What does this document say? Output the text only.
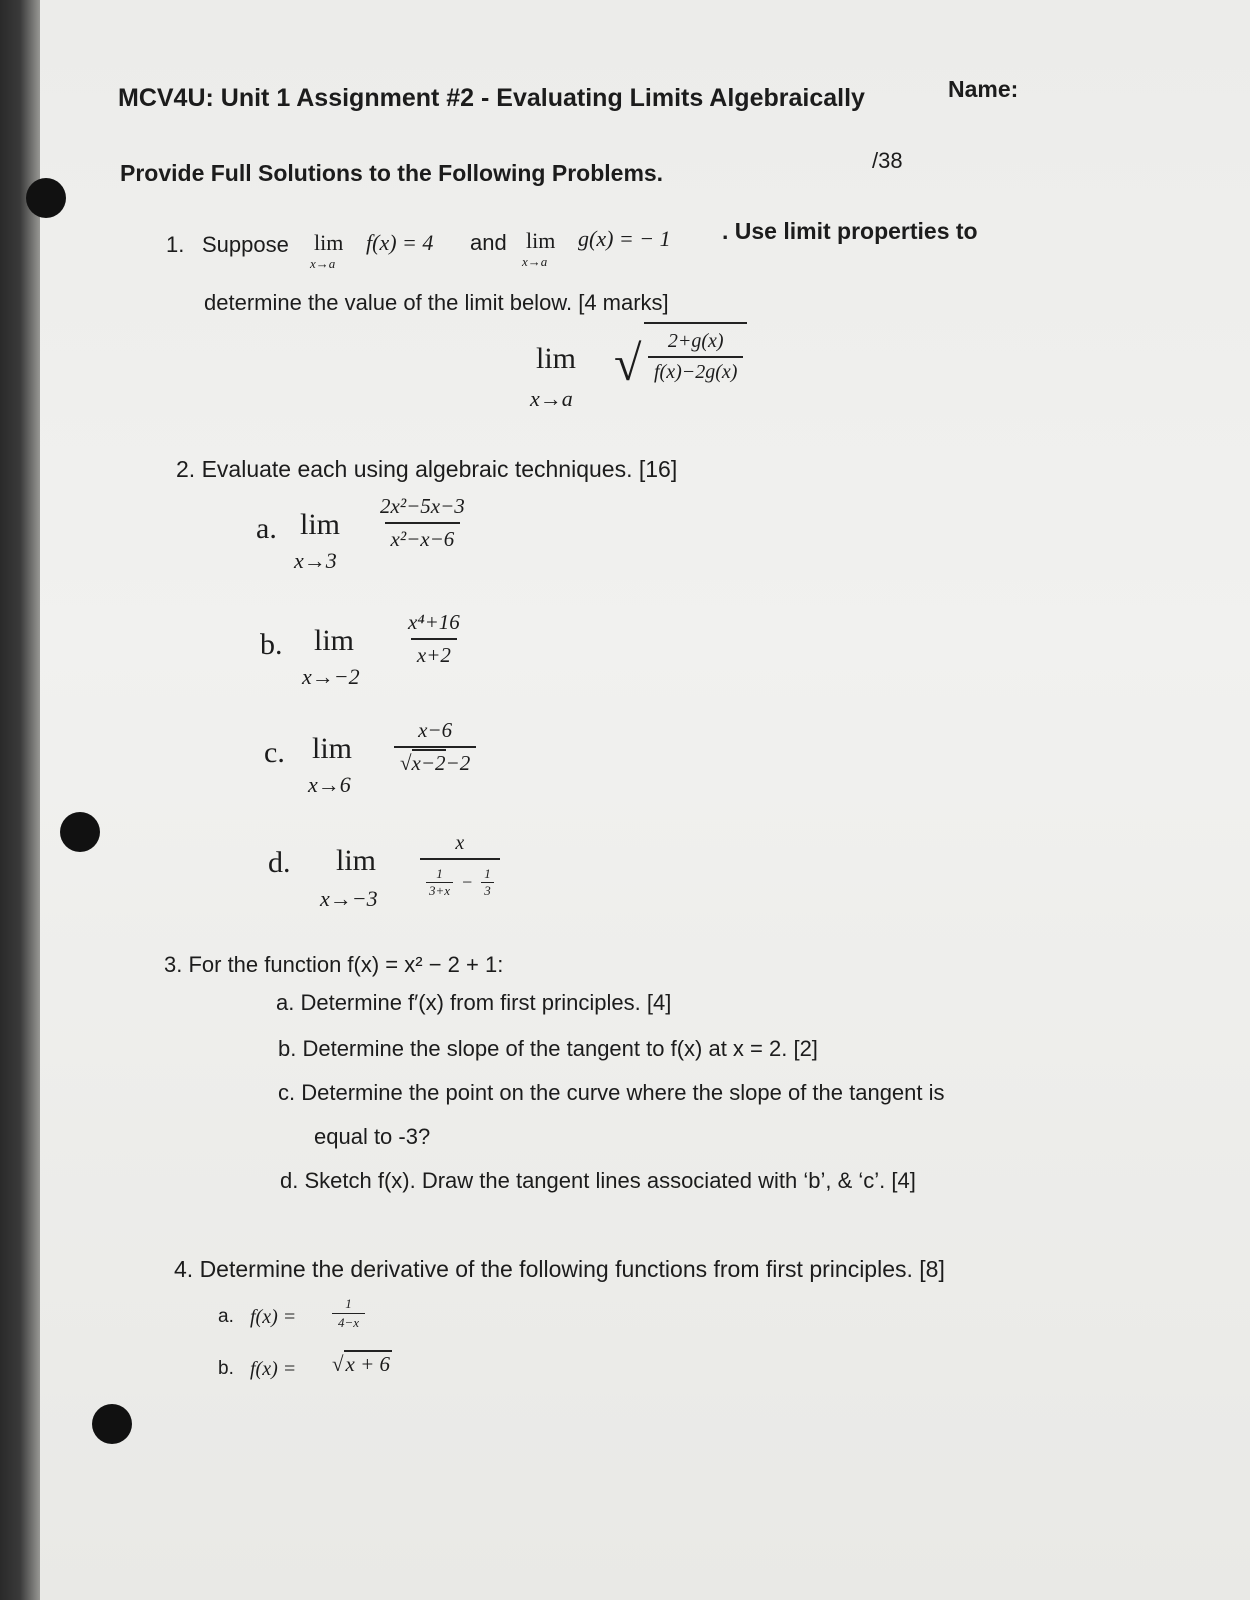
MCV4U: Unit 1 Assignment #2 - Evaluating Limits Algebraically	Name:
Provide Full Solutions to the Following Problems.	/38
1. Suppose lim
x→a
f(x) = 4 and lim
x→a
g(x) = − 1 . Use limit properties to
determine the value of the limit below. [4 marks]
lim
x→a
√ $\frac{2+g(x)}{f(x)-2g(x)}$
2. Evaluate each using algebraic techniques. [16]
a. lim
x→3
$\frac{\text{2x²−5x−3}}{\text{x²−x−6}}$
b. lim
x→−2
$\frac{\text{x⁴+16}}{x+2}$
c. lim
x→6
$\frac{x-6}{√x-2-2}$
d. lim
x→−3
x
1
$3+x - \frac{1}{3}$
3. For the function f(x) = x² − 2 + 1:
a. Determine f′(x) from first principles. [4]
b. Determine the slope of the tangent to f(x) at x = 2. [2]
c. Determine the point on the curve where the slope of the tangent is
equal to -3?
d. Sketch f(x). Draw the tangent lines associated with ‘b’, & ‘c’. [4]
4. Determine the derivative of the following functions from first principles. [8]
a. f(x) =	$\frac{1}{4-x}$
b. f(x) = √x + 6
